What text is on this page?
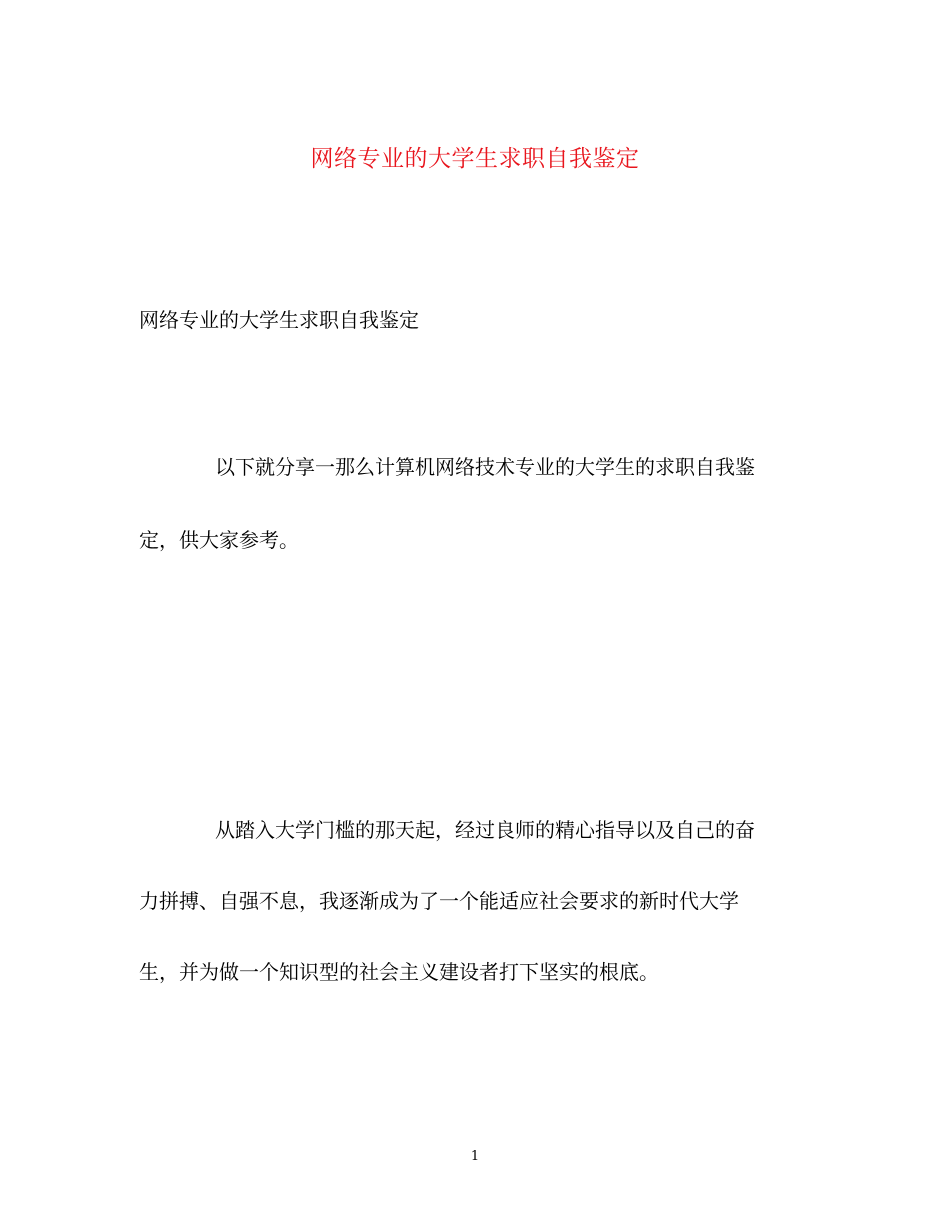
网络专业的大学生求职自我鉴定
网络专业的大学生求职自我鉴定
以下就分享一那么计算机网络技术专业的大学生的求职自我鉴
定，供大家参考。
从踏入大学门槛的那天起，经过良师的精心指导以及自己的奋
力拼搏、自强不息，我逐渐成为了一个能适应社会要求的新时代大学
生，并为做一个知识型的社会主义建设者打下坚实的根底。
1
